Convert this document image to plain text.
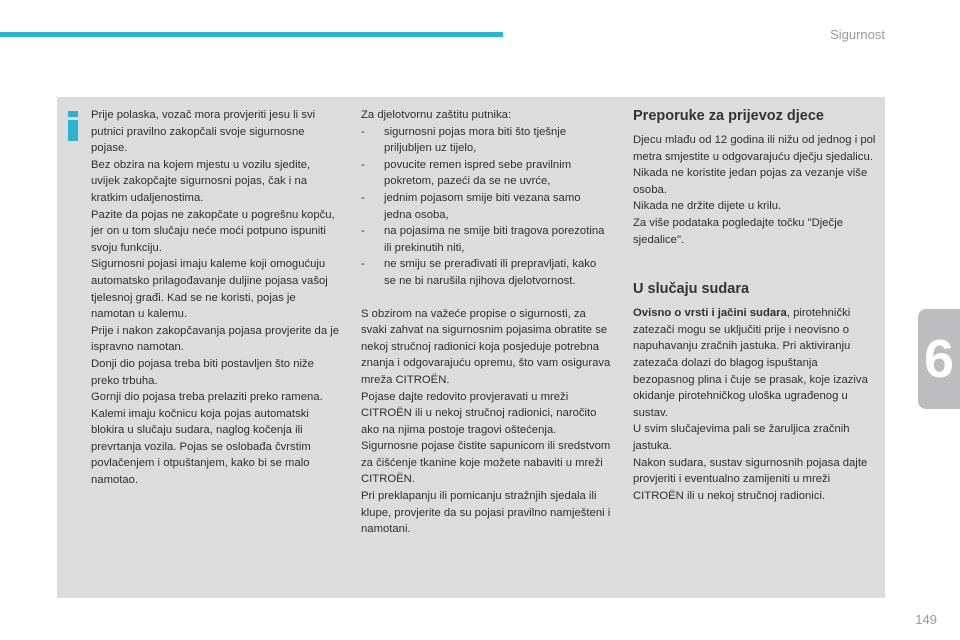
Sigurnost

Prije polaska, vozač mora provjeriti jesu li svi putnici pravilno zakopčali svoje sigurnosne pojase.

Bez obzira na kojem mjestu u vozilu sjedite, uvijek zakopčajte sigurnosni pojas, čak i na kratkim udaljenostima.

Pazite da pojas ne zakopčate u pogrešnu kopču, jer on u tom slučaju neće moći potpuno ispuniti svoju funkciju.

Sigurnosni pojasi imaju kaleme koji omogućuju automatsko prilagođavanje duljine pojasa vašoj tjelesnoj građi. Kad se ne koristi, pojas je namotan u kalemu.

Prije i nakon zakopčavanja pojasa provjerite da je ispravno namotan.

Donji dio pojasa treba biti postavljen što niže preko trbuha.

Gornji dio pojasa treba prelaziti preko ramena.

Kalemi imaju kočnicu koja pojas automatski blokira u slučaju sudara, naglog kočenja ili prevrtanja vozila. Pojas se oslobađa čvrstim povlačenjem i otpuštanjem, kako bi se malo namotao.

Za djelotvornu zaštitu putnika:

- sigurnosni pojas mora biti što tješnje priljubljen uz tijelo,
- povucite remen ispred sebe pravilnim pokretom, pazeći da se ne uvrće,
- jednim pojasom smije biti vezana samo jedna osoba,
- na pojasima ne smije biti tragova porezotina ili prekinutih niti,
- ne smiju se prerađivati ili prepravljati, kako se ne bi narušila njihova djelotvornost.

S obzirom na važeće propise o sigurnosti, za svaki zahvat na sigurnosnim pojasima obratite se nekoj stručnoj radionici koja posjeduje potrebna znanja i odgovarajuću opremu, što vam osigurava mreža CITROËN.

Pojase dajte redovito provjeravati u mreži CITROËN ili u nekoj stručnoj radionici, naročito ako na njima postoje tragovi oštećenja.

Sigurnosne pojase čistite sapunicom ili sredstvom za čišćenje tkanine koje možete nabaviti u mreži CITROËN.

Pri preklapanju ili pomicanju stražnjih sjedala ili klupe, provjerite da su pojasi pravilno namješteni i namotani.

Preporuke za prijevoz djece

Djecu mlađu od 12 godina ili nižu od jednog i pol metra smjestite u odgovarajuću dječju sjedalicu.

Nikada ne koristite jedan pojas za vezanje više osoba.

Nikada ne držite dijete u krilu.

Za više podataka pogledajte točku "Dječje sjedalice".

U slučaju sudara

Ovisno o vrsti i jačini sudara, pirotehnički zatezači mogu se uključiti prije i neovisno o napuhavanju zračnih jastuka. Pri aktiviranju zatezača dolazi do blagog ispuštanja bezopasnog plina i čuje se prasak, koje izaziva okidanje pirotehničkog uloška ugrađenog u sustav.

U svim slučajevima pali se žaruljica zračnih jastuka.

Nakon sudara, sustav sigurnosnih pojasa dajte provjeriti i eventualno zamijeniti u mreži CITROËN ili u nekoj stručnoj radionici.

6
149
